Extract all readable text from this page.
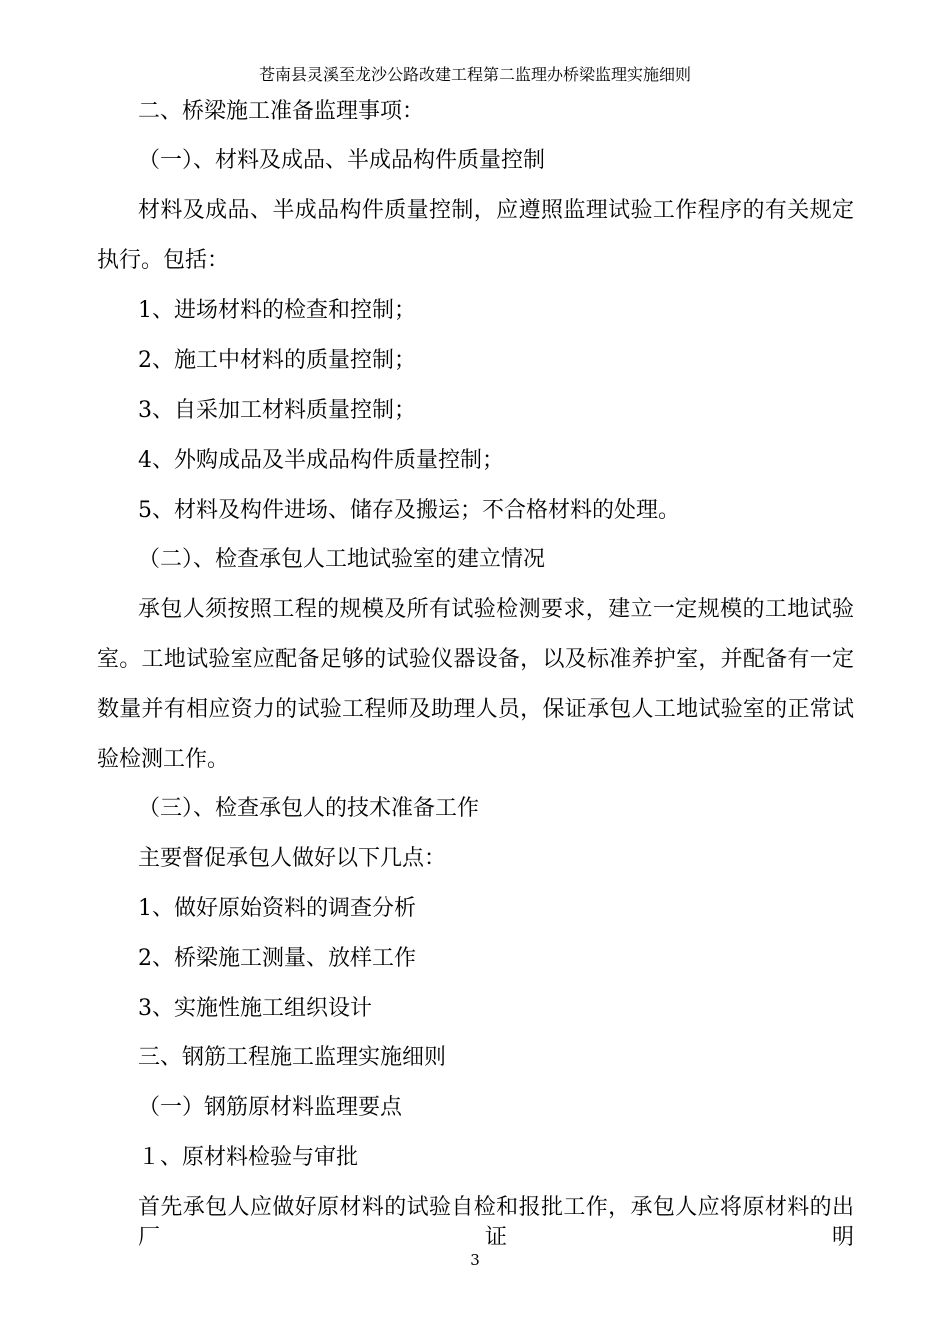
苍南县灵溪至龙沙公路改建工程第二监理办桥梁监理实施细则
二、桥梁施工准备监理事项：
（一）、材料及成品、半成品构件质量控制
材料及成品、半成品构件质量控制，应遵照监理试验工作程序的有关规定
执行。包括：
1、进场材料的检查和控制；
2、施工中材料的质量控制；
3、自采加工材料质量控制；
4、外购成品及半成品构件质量控制；
5、材料及构件进场、储存及搬运；不合格材料的处理。
（二）、检查承包人工地试验室的建立情况
承包人须按照工程的规模及所有试验检测要求，建立一定规模的工地试验
室。工地试验室应配备足够的试验仪器设备，以及标准养护室，并配备有一定
数量并有相应资力的试验工程师及助理人员，保证承包人工地试验室的正常试
验检测工作。
（三）、检查承包人的技术准备工作
主要督促承包人做好以下几点：
1、做好原始资料的调查分析
2、桥梁施工测量、放样工作
3、实施性施工组织设计
三、钢筋工程施工监理实施细则
（一）钢筋原材料监理要点
１、原材料检验与审批
首先承包人应做好原材料的试验自检和报批工作，承包人应将原材料的出厂证明
3
